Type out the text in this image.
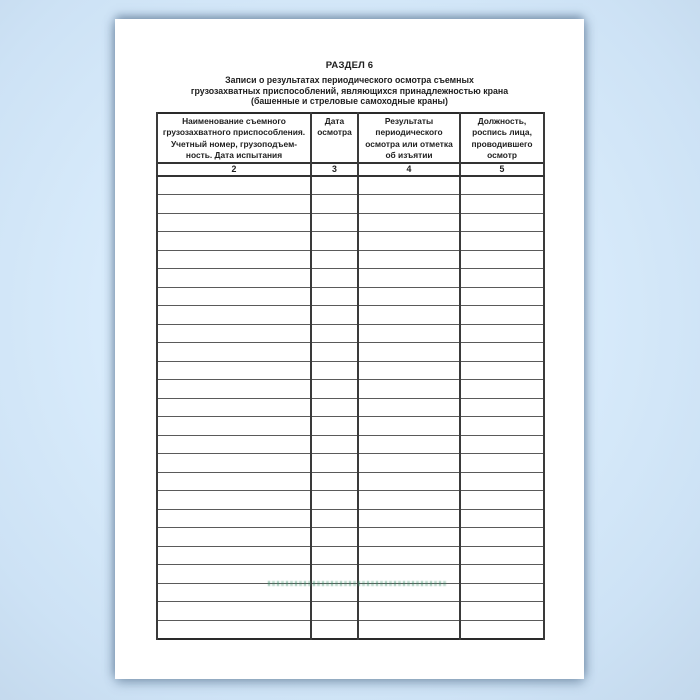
РАЗДЕЛ 6
Записи о результатах периодического осмотра съемных
грузозахватных приспособлений, являющихся принадлежностью крана
(башенные и стреловые самоходные краны)
Наименование съемного грузозахватного приспособления. Учетный номер, грузоподъем- ность. Дата испытания	Дата осмотра	Результаты периодического осмотра или отметка об изъятии	Должность, роспись лица, проводившего осмотр
2	3	4	5
